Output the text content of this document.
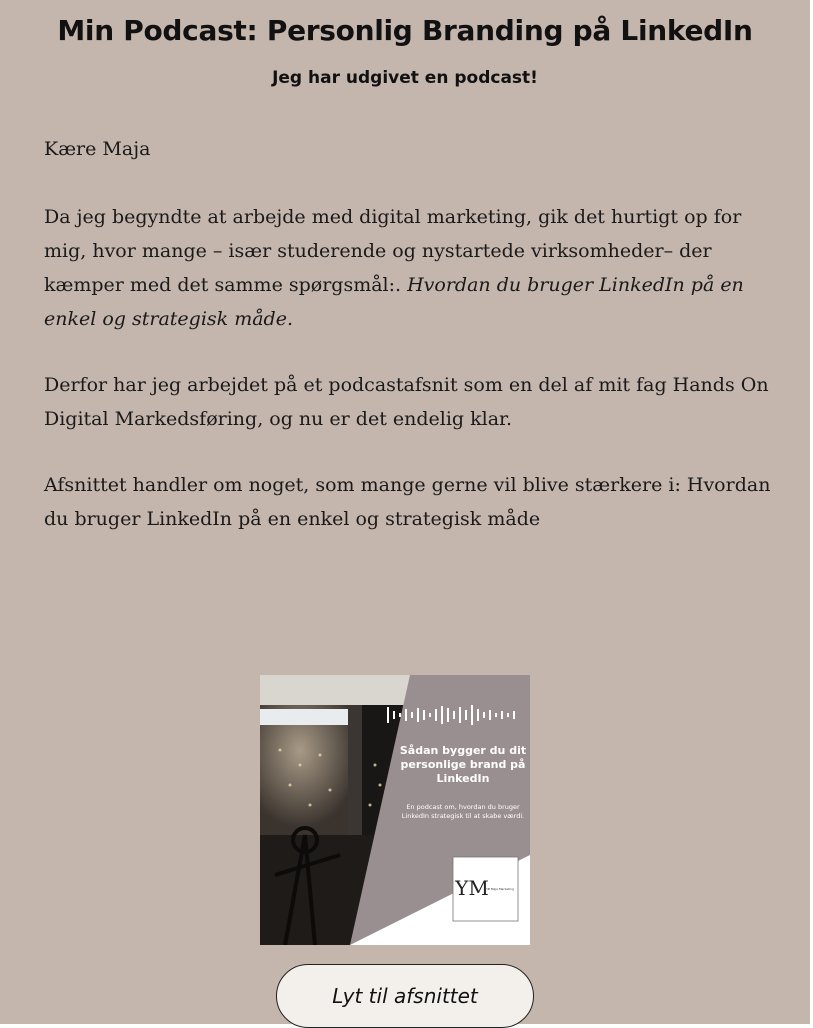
Min Podcast: Personlig Branding på LinkedIn
Jeg har udgivet en podcast!
Kære Maja
Da jeg begyndte at arbejde med digital marketing, gik det hurtigt op for mig, hvor mange – især studerende og nystartede virksomheder– der kæmper med det samme spørgsmål:. Hvordan du bruger LinkedIn på en enkel og strategisk måde.
Derfor har jeg arbejdet på et podcastafsnit som en del af mit fag Hands On Digital Markedsføring, og nu er det endelig klar.
Afsnittet handler om noget, som mange gerne vil blive stærkere i: Hvordan du bruger LinkedIn på en enkel og strategisk måde
Sådan bygger du dit
personlige brand på
LinkedIn
En podcast om, hvordan du bruger
LinkedIn strategisk til at skabe værdi.
YM
YB Maja Marketing
Lyt til afsnittet
